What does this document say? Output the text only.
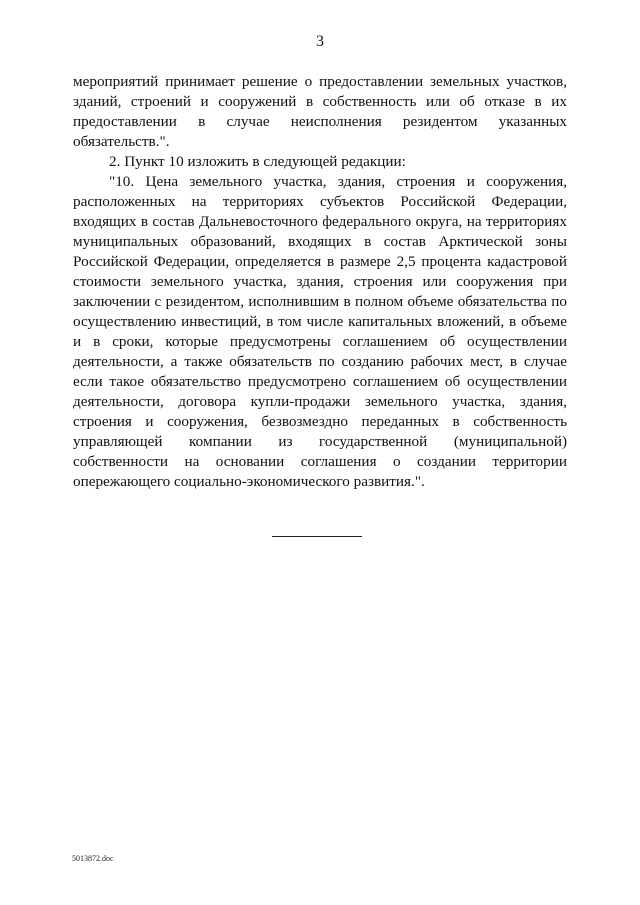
3

мероприятий принимает решение о предоставлении земельных участков, зданий, строений и сооружений в собственность или об отказе в их предоставлении в случае неисполнения резидентом указанных обязательств.".

2. Пункт 10 изложить в следующей редакции:

"10. Цена земельного участка, здания, строения и сооружения, расположенных на территориях субъектов Российской Федерации, входящих в состав Дальневосточного федерального округа, на территориях муниципальных образований, входящих в состав Арктической зоны Российской Федерации, определяется в размере 2,5 процента кадастровой стоимости земельного участка, здания, строения или сооружения при заключении с резидентом, исполнившим в полном объеме обязательства по осуществлению инвестиций, в том числе капитальных вложений, в объеме и в сроки, которые предусмотрены соглашением об осуществлении деятельности, а также обязательств по созданию рабочих мест, в случае если такое обязательство предусмотрено соглашением об осуществлении деятельности, договора купли-продажи земельного участка, здания, строения и сооружения, безвозмездно переданных в собственность управляющей компании из государственной (муниципальной) собственности на основании соглашения о создании территории опережающего социально-экономического развития.".

5013872.doc
